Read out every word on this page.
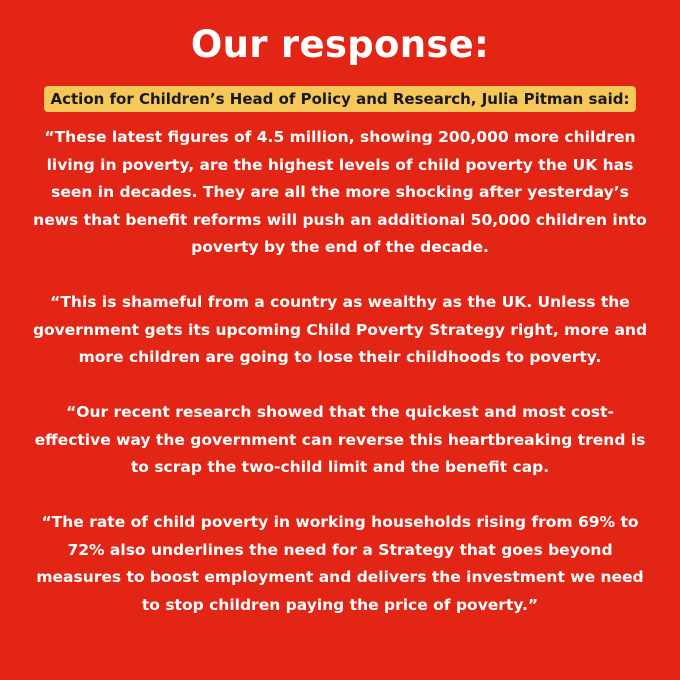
Our response:
Action for Children’s Head of Policy and Research, Julia Pitman said:

“These latest figures of 4.5 million, showing 200,000 more children living in poverty, are the highest levels of child poverty the UK has seen in decades. They are all the more shocking after yesterday’s news that benefit reforms will push an additional 50,000 children into poverty by the end of the decade.

“This is shameful from a country as wealthy as the UK. Unless the government gets its upcoming Child Poverty Strategy right, more and more children are going to lose their childhoods to poverty.

“Our recent research showed that the quickest and most cost-effective way the government can reverse this heartbreaking trend is to scrap the two-child limit and the benefit cap.

“The rate of child poverty in working households rising from 69% to 72% also underlines the need for a Strategy that goes beyond measures to boost employment and delivers the investment we need to stop children paying the price of poverty.”
